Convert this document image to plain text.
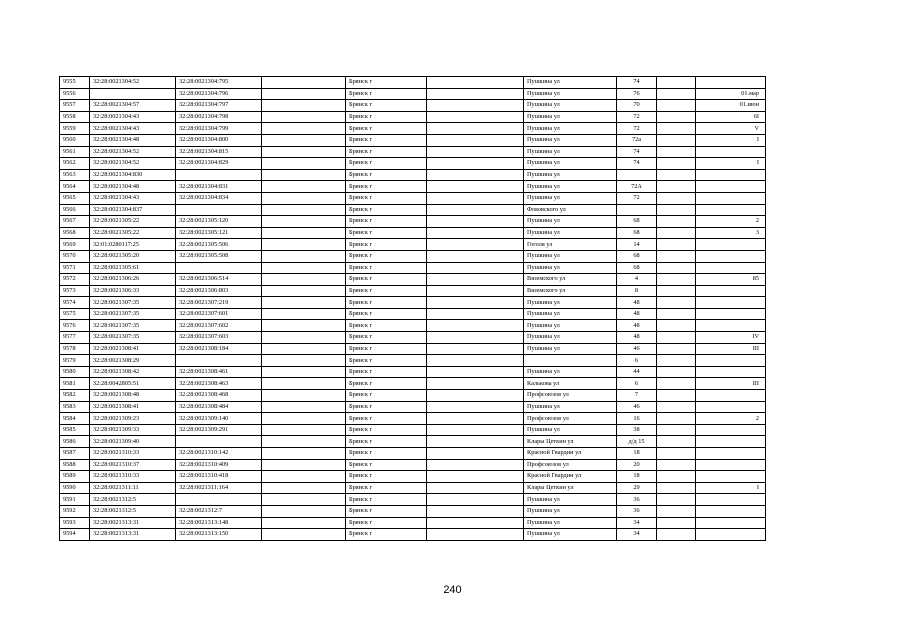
9555	32:28:0021304:52	32:28:0021304:795		Брянск г		Пушкина ул	74		
9556		32:28:0021304:796		Брянск г		Пушкина ул	76		01.мар
9557	32:28:0021304:57	32:28:0021304:797		Брянск г		Пушкина ул	70		01.июн
9558	32:28:0021304:43	32:28:0021304:798		Брянск г		Пушкина ул	72		6I
9559	32:28:0021304:43	32:28:0021304:799		Брянск г		Пушкина ул	72		V
9560	32:28:0021304:48	32:28:0021304:800		Брянск г		Пушкина ул	72а		I
9561	32:28:0021304:52	32:28:0021304:815		Брянск г		Пушкина ул	74		
9562	32:28:0021304:52	32:28:0021304:829		Брянск г		Пушкина ул	74		I
9563	32:28:0021304:830			Брянск г		Пушкина ул			
9564	32:28:0021304:48	32:28:0021304:831		Брянск г		Пушкина ул	72А		
9565	32:28:0021304:43	32:28:0021304:834		Брянск г		Пушкина ул	72		
9566	32:28:0021304:837			Брянск г		Фоковского ул			
9567	32:28:0021305:22	32:28:0021305:120		Брянск г		Пушкина ул	68		2
9568	32:28:0021305:22	32:28:0021305:121		Брянск г		Пушкина ул	68		3
9569	32:01:0280117:25	32:28:0021305:506		Брянск г		Гоголя ул	14		
9570	32:28:0021305:20	32:28:0021305:508		Брянск г		Пушкина ул	68		
9571	32:28:0021305:61			Брянск г		Пушкина ул	68		
9572	32:28:0021306:26	32:28:0021306:514		Брянск г		Вяземского ул	4		85
9573	32:28:0021306:33	32:28:0021306:803		Брянск г		Вяземского ул	8		
9574	32:28:0021307:35	32:28:0021307:219		Брянск г		Пушкина ул	48		
9575	32:28:0021307:35	32:28:0021307:601		Брянск г		Пушкина ул	48		
9576	32:28:0021307:35	32:28:0021307:602		Брянск г		Пушкина ул	48		
9577	32:28:0021307:35	32:28:0021307:603		Брянск г		Пушкина ул	48		IV
9578	32:28:0021308:41	32:28:0021308:184		Брянск г		Пушкина ул	46		III
9579	32:28:0021308:29			Брянск г			6		
9580	32:28:0021308:42	32:28:0021308:461		Брянск г		Пушкина ул	44		
9581	32:28:0042805:51	32:28:0021308:463		Брянск г		Калькова ул	6		III
9582	32:28:0021308:48	32:28:0021308:468		Брянск г		Профсоюзов ул	7		
9583	32:28:0021308:41	32:28:0021308:484		Брянск г		Пушкина ул	46		
9584	32:28:0021309:23	32:28:0021309:140		Брянск г		Профсоюзов ул	16		2
9585	32:28:0021309:33	32:28:0021309:291		Брянск г		Пушкина ул	38		
9586	32:28:0021309:40			Брянск г		Клары Цеткин ул	д/д 15		
9587	32:28:0021310:33	32:28:0021310:142		Брянск г		Красной Гвардии ул	18		
9588	32:28:0021310:37	32:28:0021310:409		Брянск г		Профсоюзов ул	20		
9589	32:28:0021310:33	32:28:0021310:418		Брянск г		Красной Гвардии ул	18		
9590	32:28:0021311:11	32:28:0021311:164		Брянск г		Клары Цеткин ул	29		I
9591	32:28:0021312:5			Брянск г		Пушкина ул	36		
9592	32:28:0021312:5	32:28:0021312:7		Брянск г		Пушкина ул	36		
9593	32:28:0021313:31	32:28:0021313:148		Брянск г		Пушкина ул	34		
9594	32:28:0021313:31	32:28:0021313:150		Брянск г		Пушкина ул	34		
240
